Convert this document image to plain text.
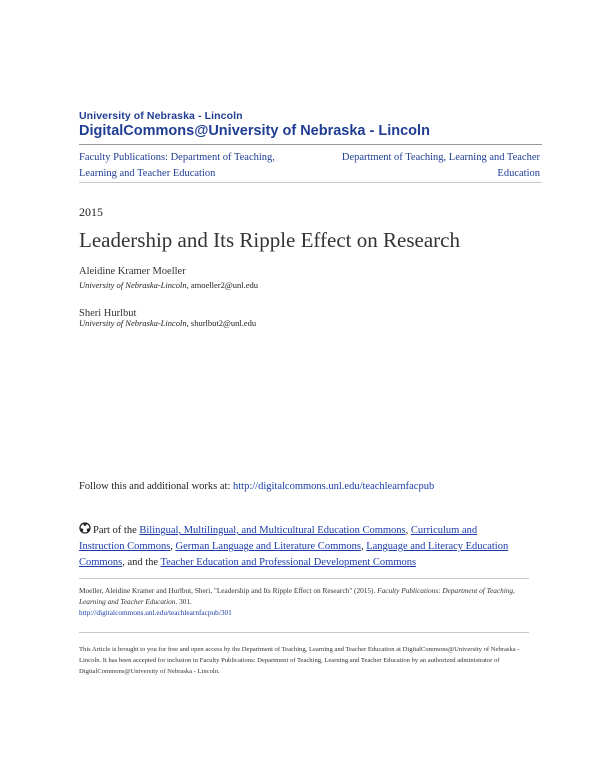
University of Nebraska - Lincoln
DigitalCommons@University of Nebraska - Lincoln
Faculty Publications: Department of Teaching, Learning and Teacher Education
Department of Teaching, Learning and Teacher Education
2015
Leadership and Its Ripple Effect on Research
Aleidine Kramer Moeller
University of Nebraska-Lincoln, amoeller2@unl.edu
Sheri Hurlbut
University of Nebraska-Lincoln, shurlbut2@unl.edu
Follow this and additional works at: http://digitalcommons.unl.edu/teachlearnfacpub
Part of the Bilingual, Multilingual, and Multicultural Education Commons, Curriculum and Instruction Commons, German Language and Literature Commons, Language and Literacy Education Commons, and the Teacher Education and Professional Development Commons
Moeller, Aleidine Kramer and Hurlbut, Sheri, "Leadership and Its Ripple Effect on Research" (2015). Faculty Publications: Department of Teaching, Learning and Teacher Education. 301.
http://digitalcommons.unl.edu/teachlearnfacpub/301
This Article is brought to you for free and open access by the Department of Teaching, Learning and Teacher Education at DigitalCommons@University of Nebraska - Lincoln. It has been accepted for inclusion in Faculty Publications: Department of Teaching, Learning and Teacher Education by an authorized administrator of DigitalCommons@University of Nebraska - Lincoln.
